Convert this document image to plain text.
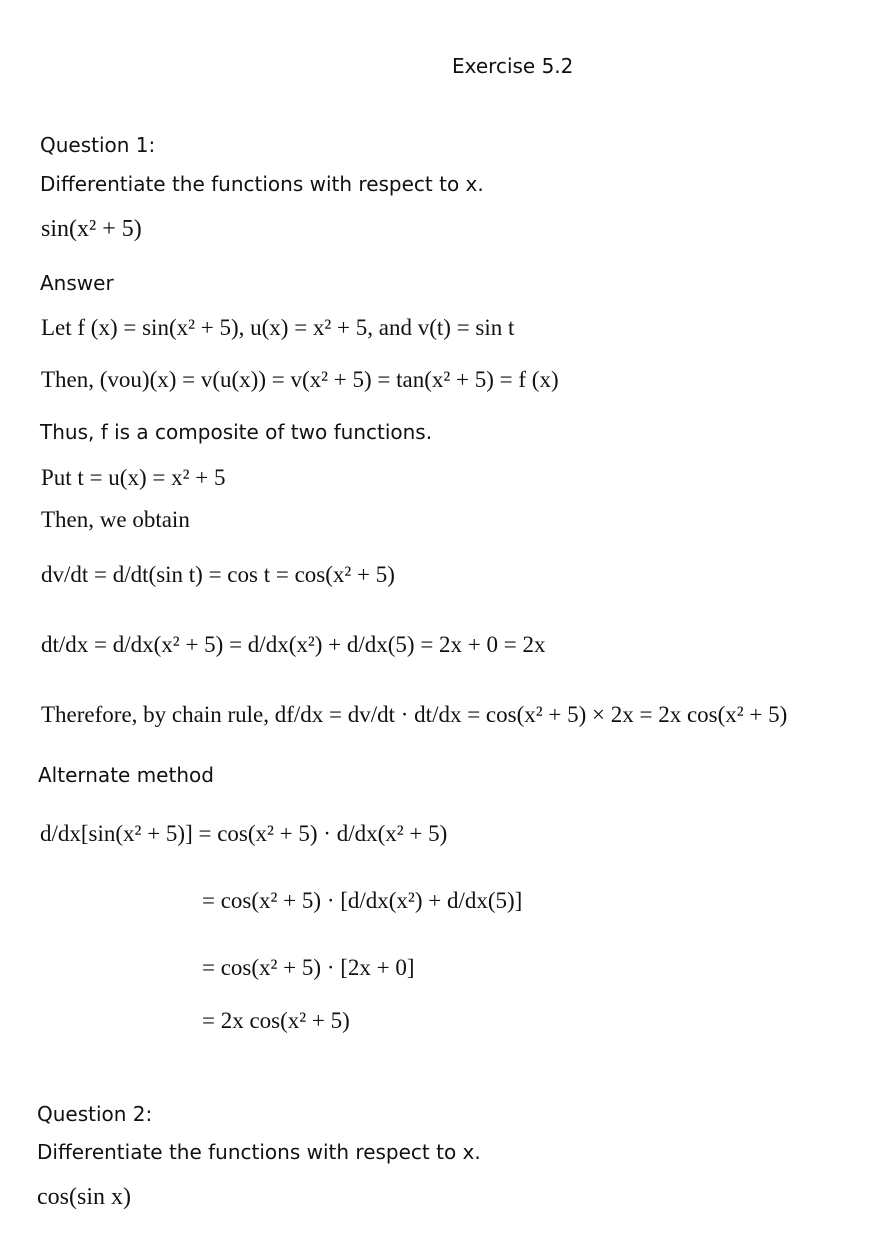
Exercise 5.2
Question 1:
Differentiate the functions with respect to x.
sin(x² + 5)
Answer
Let f (x) = sin(x² + 5), u(x) = x² + 5, and v(t) = sin t
Then, (vou)(x) = v(u(x)) = v(x² + 5) = tan(x² + 5) = f (x)
Thus, f is a composite of two functions.
Put t = u(x) = x² + 5
Then, we obtain
dv/dt = d/dt(sin t) = cos t = cos(x² + 5)
dt/dx = d/dx(x² + 5) = d/dx(x²) + d/dx(5) = 2x + 0 = 2x
Therefore, by chain rule, df/dx = dv/dt · dt/dx = cos(x² + 5) × 2x = 2x cos(x² + 5)
Alternate method
d/dx[sin(x² + 5)] = cos(x² + 5) · d/dx(x² + 5)
= cos(x² + 5) · [d/dx(x²) + d/dx(5)]
= cos(x² + 5) · [2x + 0]
= 2x cos(x² + 5)
Question 2:
Differentiate the functions with respect to x.
cos(sin x)
